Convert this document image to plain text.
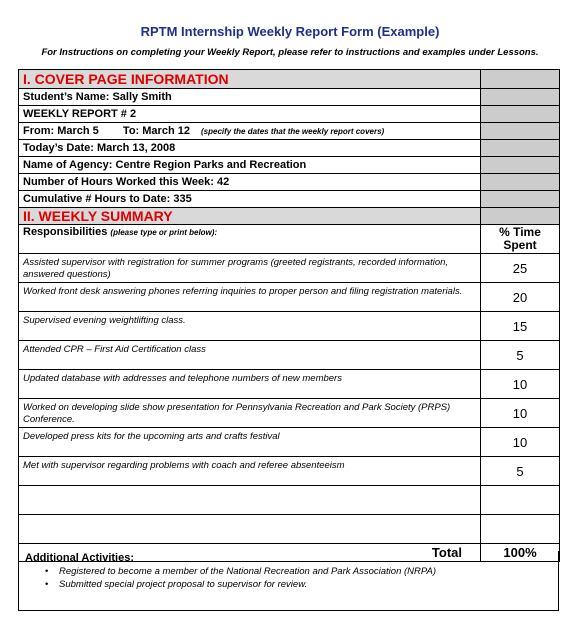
RPTM Internship Weekly Report Form (Example)
For Instructions on completing your Weekly Report, please refer to instructions and examples under Lessons.
I. COVER PAGE INFORMATION	
Student’s Name: Sally Smith	
WEEKLY REPORT # 2	
From: March 5 To: March 12 (specify the dates that the weekly report covers)	
Today’s Date: March 13, 2008	
Name of Agency: Centre Region Parks and Recreation	
Number of Hours Worked this Week: 42	
Cumulative # Hours to Date: 335	
II. WEEKLY SUMMARY	
Responsibilities (please type or print below):	% Time Spent
Assisted supervisor with registration for summer programs (greeted registrants, recorded information, answered questions)	25
Worked front desk answering phones referring inquiries to proper person and filing registration materials.	20
Supervised evening weightlifting class.	15
Attended CPR – First Aid Certification class	5
Updated database with addresses and telephone numbers of new members	10
Worked on developing slide show presentation for Pennsylvania Recreation and Park Society (PRPS) Conference.	10
Developed press kits for the upcoming arts and crafts festival	10
Met with supervisor regarding problems with coach and referee absenteeism	5

Total	100%
Additional Activities:
• Registered to become a member of the National Recreation and Park Association (NRPA)
• Submitted special project proposal to supervisor for review.
